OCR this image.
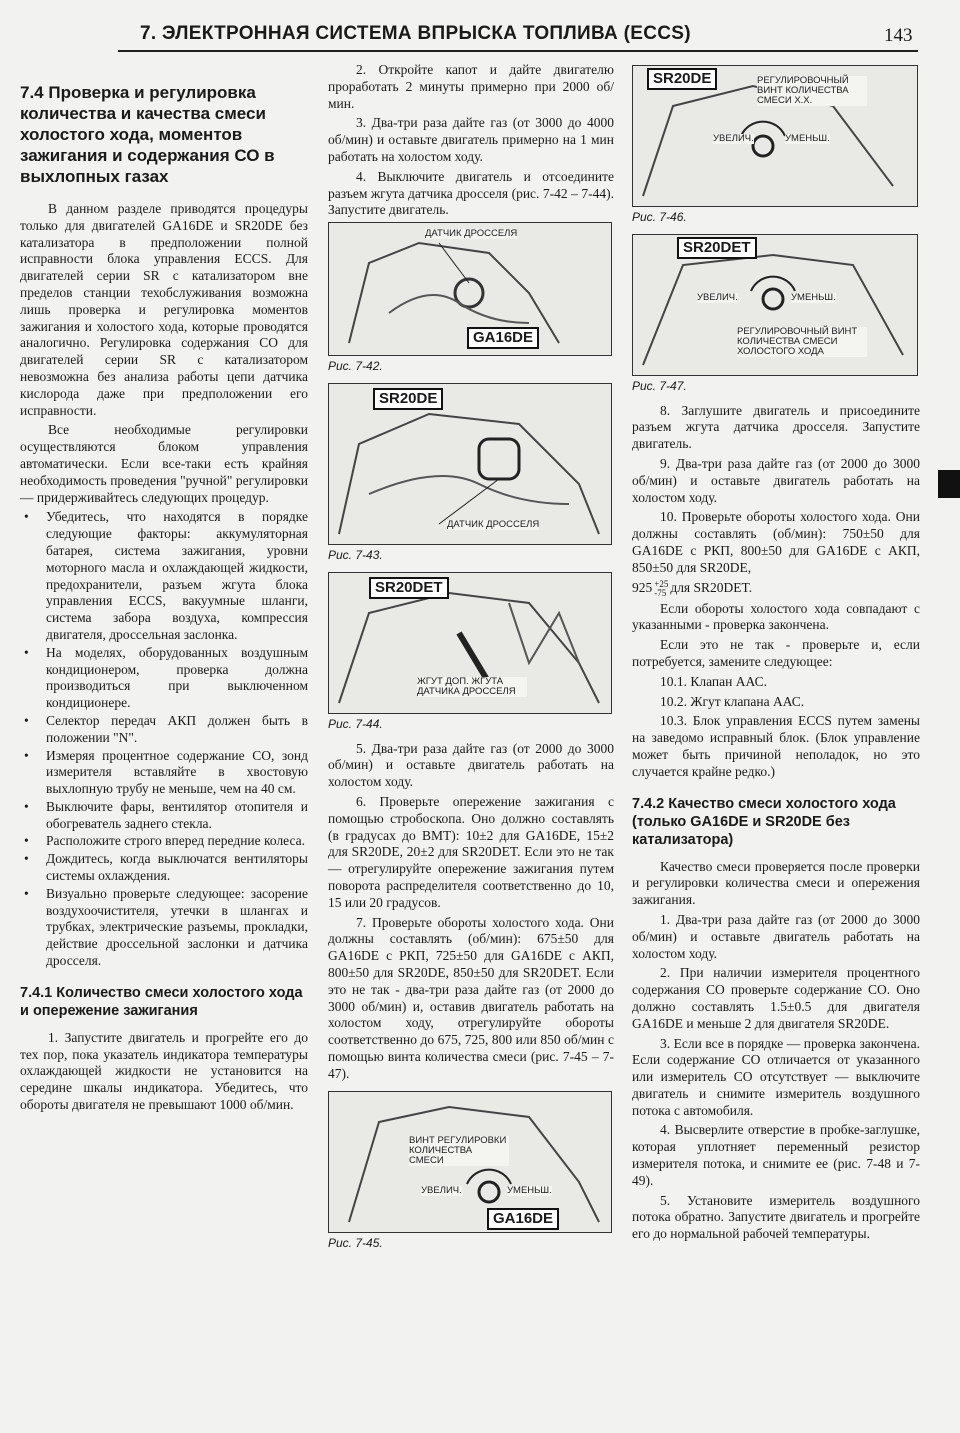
7. ЭЛЕКТРОННАЯ СИСТЕМА ВПРЫСКА ТОПЛИВА (ECCS)	143
7.4 Проверка и регулировка количества и качества смеси холостого хода, моментов зажигания и содержания СО в выхлопных газах

В данном разделе приводятся процедуры только для двигателей GA16DE и SR20DE без катализатора в предположении полной исправности блока управления ECCS. Для двигателей серии SR с катализатором вне пределов станции техобслуживания возможна лишь проверка и регулировка моментов зажигания и холостого хода, которые проводятся аналогично. Регулировка содержания СО для двигателей серии SR с катализатором невозможна без анализа работы цепи датчика кислорода даже при предположении его исправности.

Все необходимые регулировки осуществляются блоком управления автоматически. Если все-таки есть крайняя необходимость проведения "ручной" регулировки — придерживайтесь следующих процедур.

• Убедитесь, что находятся в порядке следующие факторы: аккумуляторная батарея, система зажигания, уровни моторного масла и охлаждающей жидкости, предохранители, разъем жгута блока управления ECCS, вакуумные шланги, система забора воздуха, компрессия двигателя, дроссельная заслонка.
• На моделях, оборудованных воздушным кондиционером, проверка должна производиться при выключенном кондиционере.
• Селектор передач АКП должен быть в положении "N".
• Измеряя процентное содержание СО, зонд измерителя вставляйте в хвостовую выхлопную трубу не меньше, чем на 40 см.
• Выключите фары, вентилятор отопителя и обогреватель заднего стекла.
• Расположите строго вперед передние колеса.
• Дождитесь, когда выключатся вентиляторы системы охлаждения.
• Визуально проверьте следующее: засорение воздухоочистителя, утечки в шлангах и трубках, электрические разъемы, прокладки, действие дроссельной заслонки и датчика дросселя.
7.4.1 Количество смеси холостого хода и опережение зажигания

1. Запустите двигатель и прогрейте его до тех пор, пока указатель индикатора температуры охлаждающей жидкости не установится на середине шкалы индикатора. Убедитесь, что обороты двигателя не превышают 1000 об/мин.

2. Откройте капот и дайте двигателю проработать 2 минуты примерно при 2000 об/мин.

3. Два-три раза дайте газ (от 3000 до 4000 об/мин) и оставьте двигатель примерно на 1 мин работать на холостом ходу.

4. Выключите двигатель и отсоедините разъем жгута датчика дросселя (рис. 7-42 – 7-44). Запустите двигатель.

ДАТЧИК ДРОССЕЛЯ
GA16DE
Рис. 7-42.
SR20DE
ДАТЧИК ДРОССЕЛЯ
Рис. 7-43.
SR20DET
ЖГУТ ДОП. ЖГУТА ДАТЧИКА ДРОССЕЛЯ
Рис. 7-44.

5. Два-три раза дайте газ (от 2000 до 3000 об/мин) и оставьте двигатель работать на холостом ходу.

6. Проверьте опережение зажигания с помощью стробоскопа. Оно должно составлять (в градусах до ВМТ): 10±2 для GA16DE, 15±2 для SR20DE, 20±2 для SR20DET. Если это не так — отрегулируйте опережение зажигания путем поворота распределителя соответственно до 10, 15 или 20 градусов.

7. Проверьте обороты холостого хода. Они должны составлять (об/мин): 675±50 для GA16DE с РКП, 725±50 для GA16DE с АКП, 800±50 для SR20DE, 850±50 для SR20DET. Если это не так - два-три раза дайте газ (от 2000 до 3000 об/мин) и, оставив двигатель работать на холостом ходу, отрегулируйте обороты соответственно до 675, 725, 800 или 850 об/мин с помощью винта количества смеси (рис. 7-45 – 7-47).

ВИНТ РЕГУЛИРОВКИ КОЛИЧЕСТВА СМЕСИ
УВЕЛИЧ.	УМЕНЬШ.
GA16DE
Рис. 7-45.
SR20DE	РЕГУЛИРОВОЧНЫЙ ВИНТ КОЛИЧЕСТВА СМЕСИ Х.Х.
УВЕЛИЧ.	УМЕНЬШ.
Рис. 7-46.
SR20DET
УВЕЛИЧ.	УМЕНЬШ.
РЕГУЛИРОВОЧНЫЙ ВИНТ КОЛИЧЕСТВА СМЕСИ ХОЛОСТОГО ХОДА
Рис. 7-47.

8. Заглушите двигатель и присоедините разъем жгута датчика дросселя. Запустите двигатель.

9. Два-три раза дайте газ (от 2000 до 3000 об/мин) и оставьте двигатель работать на холостом ходу.

10. Проверьте обороты холостого хода. Они должны составлять (об/мин): 750±50 для GA16DE с РКП, 800±50 для GA16DE с АКП, 850±50 для SR20DE,

925 +25
-75 для SR20DET.

Если обороты холостого хода совпадают с указанными - проверка закончена.

Если это не так - проверьте и, если потребуется, замените следующее:

10.1. Клапан ААС.

10.2. Жгут клапана ААС.

10.3. Блок управления ECCS путем замены на заведомо исправный блок. (Блок управление может быть причиной неполадок, но это случается крайне редко.)

7.4.2 Качество смеси холостого хода (только GA16DE и SR20DE без катализатора)

Качество смеси проверяется после проверки и регулировки количества смеси и опережения зажигания.

1. Два-три раза дайте газ (от 2000 до 3000 об/мин) и оставьте двигатель работать на холостом ходу.

2. При наличии измерителя процентного содержания СО проверьте содержание СО. Оно должно составлять 1.5±0.5 для двигателя GA16DE и меньше 2 для двигателя SR20DE.

3. Если все в порядке — проверка закончена. Если содержание СО отличается от указанного или измеритель СО отсутствует — выключите двигатель и снимите измеритель воздушного потока с автомобиля.

4. Высверлите отверстие в пробке-заглушке, которая уплотняет переменный резистор измерителя потока, и снимите ее (рис. 7-48 и 7-49).

5. Установите измеритель воздушного потока обратно. Запустите двигатель и прогрейте его до нормальной рабочей температуры.
